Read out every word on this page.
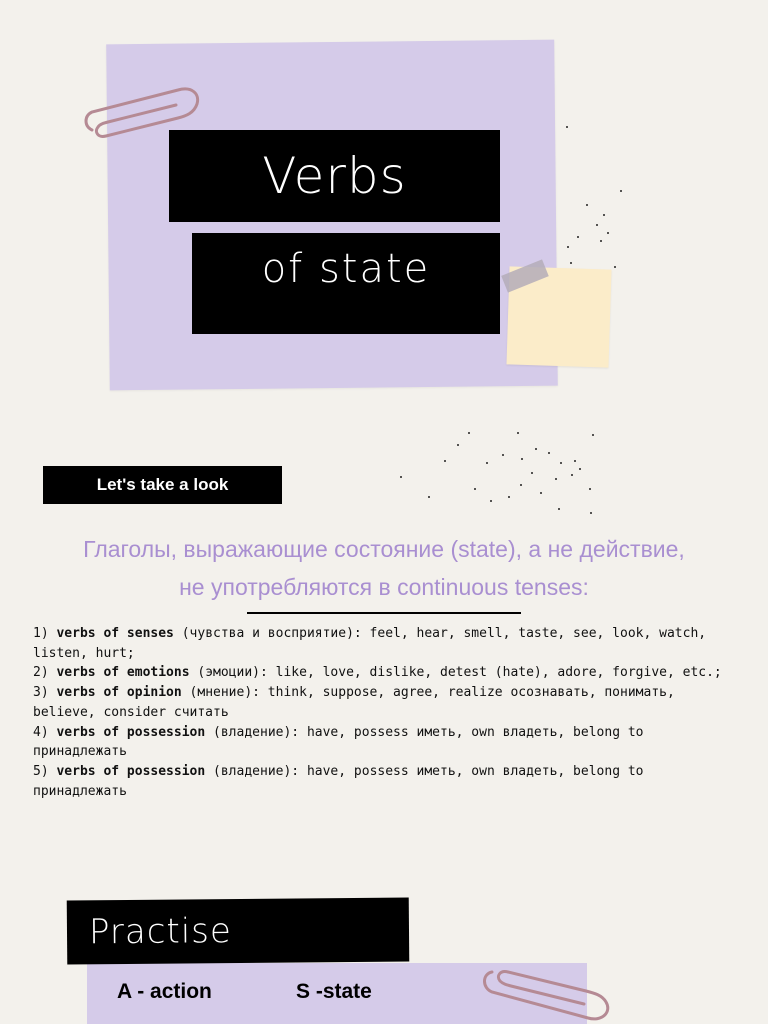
Verbs
of state
Let's take a look
Глаголы, выражающие состояние (state), а не действие,
не употребляются в continuous tenses:
1) verbs of senses (чувства и восприятие): feel, hear, smell, taste, see, look, watch, listen, hurt;
2) verbs of emotions (эмоции): like, love, dislike, detest (hate), adore, forgive, etc.;
3) verbs of opinion (мнение): think, suppose, agree, realize осознавать, понимать, believe, consider считать
4) verbs of possession (владение): have, possess иметь, own владеть, belong to принадлежать
5) verbs of possession (владение): have, possess иметь, own владеть, belong to принадлежать
Practise
A - action	S -state
